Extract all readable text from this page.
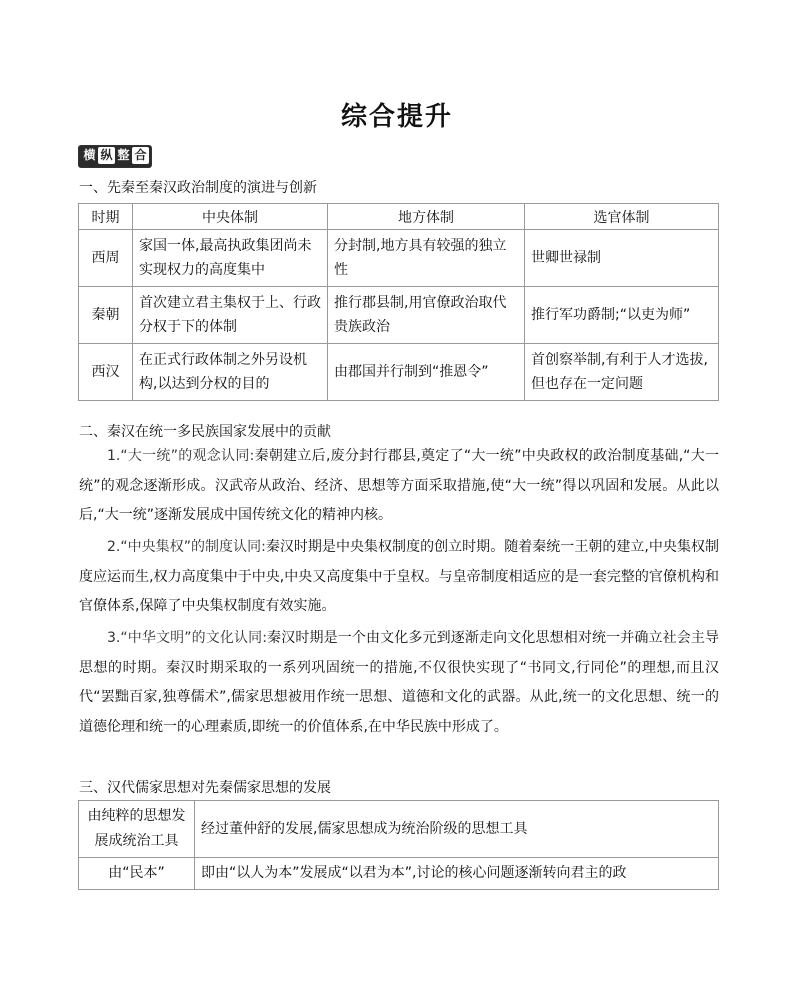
综合提升
横 纵 整 合
一、先秦至秦汉政治制度的演进与创新
时期	中央体制	地方体制	选官体制
西周	家国一体,最高执政集团尚未实现权力的高度集中	分封制,地方具有较强的独立性	世卿世禄制
秦朝	首次建立君主集权于上、行政分权于下的体制	推行郡县制,用官僚政治取代贵族政治	推行军功爵制;“以吏为师”
西汉	在正式行政体制之外另设机构,以达到分权的目的	由郡国并行制到“推恩令”	首创察举制,有利于人才选拔,但也存在一定问题
二、秦汉在统一多民族国家发展中的贡献
1.“大一统”的观念认同:秦朝建立后,废分封行郡县,奠定了“大一统”中央政权的政治制度基础,“大一统”的观念逐渐形成。汉武帝从政治、经济、思想等方面采取措施,使“大一统”得以巩固和发展。从此以后,“大一统”逐渐发展成中国传统文化的精神内核。
2.“中央集权”的制度认同:秦汉时期是中央集权制度的创立时期。随着秦统一王朝的建立,中央集权制度应运而生,权力高度集中于中央,中央又高度集中于皇权。与皇帝制度相适应的是一套完整的官僚机构和官僚体系,保障了中央集权制度有效实施。
3.“中华文明”的文化认同:秦汉时期是一个由文化多元到逐渐走向文化思想相对统一并确立社会主导思想的时期。秦汉时期采取的一系列巩固统一的措施,不仅很快实现了“书同文,行同伦”的理想,而且汉代“罢黜百家,独尊儒术”,儒家思想被用作统一思想、道德和文化的武器。从此,统一的文化思想、统一的道德伦理和统一的心理素质,即统一的价值体系,在中华民族中形成了。
三、汉代儒家思想对先秦儒家思想的发展
由纯粹的思想发展成统治工具	经过董仲舒的发展,儒家思想成为统治阶级的思想工具
由“民本”	即由“以人为本”发展成“以君为本”,讨论的核心问题逐渐转向君主的政
